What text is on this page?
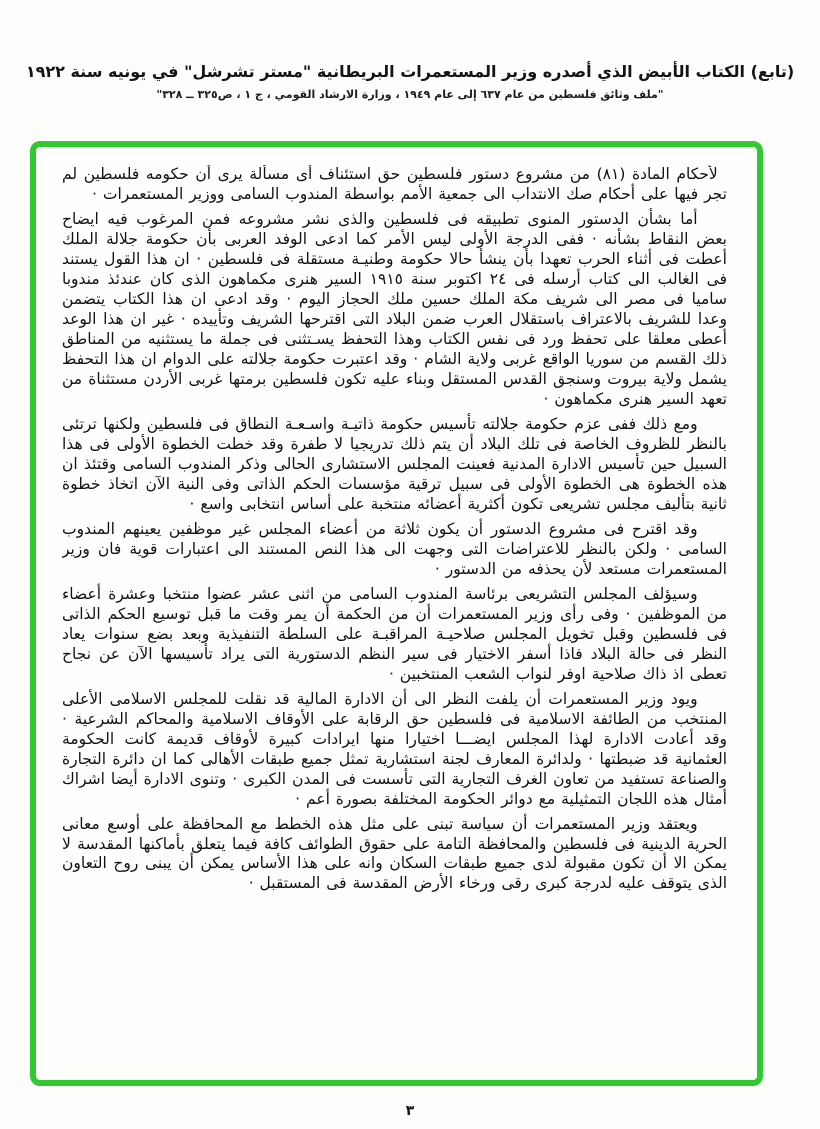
(تابع) الكتاب الأبيض الذي أصدره وزير المستعمرات البريطانية "مستر تشرشل" في يونيه سنة ١٩٢٢
"ملف وثائق فلسطين من عام ٦٣٧ إلى عام ١٩٤٩ ، وزارة الارشاد القومي ، ج ١ ، ص٣٢٥ ــ ٣٢٨"

لأحكام المادة (٨١) من مشروع دستور فلسطين حق استئناف أى مسألة يرى أن حكومه فلسطين لم تجر فيها على أحكام صك الانتداب الى جمعية الأمم بواسطة المندوب السامى ووزير المستعمرات ·

أما بشأن الدستور المنوى تطبيقه فى فلسطين والذى نشر مشروعه فمن المرغوب فيه ايضاح بعض النقاط بشأنه · ففى الدرجة الأولى ليس الأمر كما ادعى الوفد العربى بأن حكومة جلالة الملك أعطت فى أثناء الحرب تعهدا بأن ينشأ حالا حكومة وطنيـة مستقلة فى فلسطين · ان هذا القول يستند فى الغالب الى كتاب أرسله فى ٢٤ اكتوبر سنة ١٩١٥ السير هنرى مكماهون الذى كان عندئذ مندوبا ساميا فى مصر الى شريف مكة الملك حسين ملك الحجاز اليوم · وقد ادعى ان هذا الكتاب يتضمن وعدا للشريف بالاعتراف باستقلال العرب ضمن البلاد التى اقترحها الشريف وتأييده · غير ان هذا الوعد أعطى معلقا على تحفظ ورد فى نفس الكتاب وهذا التحفظ يسـتثنى فى جملة ما يستثنيه من المناطق ذلك القسم من سوريا الواقع غربى ولاية الشام · وقد اعتبرت حكومة جلالته على الدوام ان هذا التحفظ يشمل ولاية بيروت وسنجق القدس المستقل وبناء عليه تكون فلسطين برمتها غربى الأردن مستثناة من تعهد السير هنرى مكماهون ·

ومع ذلك ففى عزم حكومة جلالته تأسيس حكومة ذاتيـة واسـعـة النطاق فى فلسطين ولكنها ترتئى بالنظر للظروف الخاصة فى تلك البلاد أن يتم ذلك تدريجيا لا طفرة وقد خطت الخطوة الأولى فى هذا السبيل حين تأسيس الادارة المدنية فعينت المجلس الاستشارى الحالى وذكر المندوب السامى وقتئذ ان هذه الخطوة هى الخطوة الأولى فى سبيل ترقية مؤسسات الحكم الذاتى وفى النية الآن اتخاذ خطوة ثانية بتأليف مجلس تشريعى تكون أكثرية أعضائه منتخبة على أساس انتخابى واسع ·

وقد اقترح فى مشروع الدستور أن يكون ثلاثة من أعضاء المجلس غير موظفين يعينهم المندوب السامى · ولكن بالنظر للاعتراضات التى وجهت الى هذا النص المستند الى اعتبارات قوية فان وزير المستعمرات مستعد لأن يحذفه من الدستور ·

وسيؤلف المجلس التشريعى برئاسة المندوب السامى من اثنى عشر عضوا منتخبا وعشرة أعضاء من الموظفين · وفى رأى وزير المستعمرات أن من الحكمة أن يمر وقت ما قبل توسيع الحكم الذاتى فى فلسطين وقبل تخويل المجلس صلاحيـة المراقبـة على السلطة التنفيذية وبعد بضع سنوات يعاد النظر فى حالة البلاد فاذا أسفر الاختيار فى سير النظم الدستورية التى يراد تأسيسها الآن عن نجاح تعطى اذ ذاك صلاحية اوفر لنواب الشعب المنتخبين ·

ويود وزير المستعمرات أن يلفت النظر الى أن الادارة المالية قد نقلت للمجلس الاسلامى الأعلى المنتخب من الطائفة الاسلامية فى فلسطين حق الرقابة على الأوقاف الاسلامية والمحاكم الشرعية · وقد أعادت الادارة لهذا المجلس ايضـــا اختيارا منها ايرادات كبيرة لأوقاف قديمة كانت الحكومة العثمانية قد ضبطتها · ولدائرة المعارف لجنة استشارية تمثل جميع طبقات الأهالى كما ان دائرة التجارة والصناعة تستفيد من تعاون الغرف التجارية التى تأسست فى المدن الكبرى · وتنوى الادارة أيضا اشراك أمثال هذه اللجان التمثيلية مع دوائر الحكومة المختلفة بصورة أعم ·

ويعتقد وزير المستعمرات أن سياسة تبنى على مثل هذه الخطط مع المحافظة على أوسع معانى الحرية الدينية فى فلسطين والمحافظة التامة على حقوق الطوائف كافة فيما يتعلق بأماكنها المقدسة لا يمكن الا أن تكون مقبولة لدى جميع طبقات السكان وانه على هذا الأساس يمكن أن يبنى روح التعاون الذى يتوقف عليه لدرجة كبرى رقى ورخاء الأرض المقدسة فى المستقبل ·

٣
